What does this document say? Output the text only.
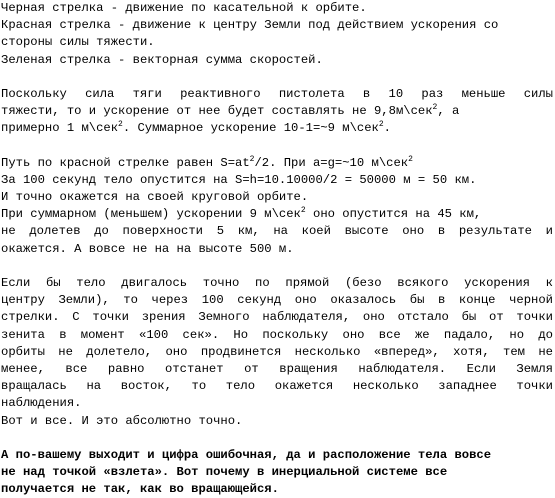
Черная стрелка - движение по касательной к орбите.
Красная стрелка - движение к центру Земли под действием ускорения со
стороны силы тяжести.
Зеленая стрелка - векторная сумма скоростей.
Поскольку сила тяги реактивного пистолета в 10 раз меньше силы
тяжести, то и ускорение от нее будет составлять не 9,8м\сек$^2$, а
примерно 1 м\сек$^2$. Суммарное ускорение 10-1=~9 м\сек$^2$.
Путь по красной стрелке равен $S=at^2/2$. При a=g=~10 м\сек$^2$
За 100 секунд тело опустится на S=h=10.10000/2 = 50000 м = 50 км.
И точно окажется на своей круговой орбите.
При суммарном (меньшем) ускорении 9 м\сек$^2$ оно опустится на 45 км,
не долетев до поверхности 5 км, на коей высоте оно в результате и
окажется. А вовсе не на на высоте 500 м.
Если бы тело двигалось точно по прямой (безо всякого ускорения к
центру Земли), то через 100 секунд оно оказалось бы в конце черной
стрелки. С точки зрения Земного наблюдателя, оно отстало бы от точки
зенита в момент «100 сек». Но поскольку оно все же падало, но до
орбиты не долетело, оно продвинется несколько «вперед», хотя, тем не
менее, все равно отстанет от вращения наблюдателя. Если Земля
вращалась на восток, то тело окажется несколько западнее точки
наблюдения.
Вот и все. И это абсолютно точно.
А по-вашему выходит и цифра ошибочная, да и расположение тела вовсе
не над точкой «взлета». Вот почему в инерциальной системе все
получается не так, как во вращающейся.
